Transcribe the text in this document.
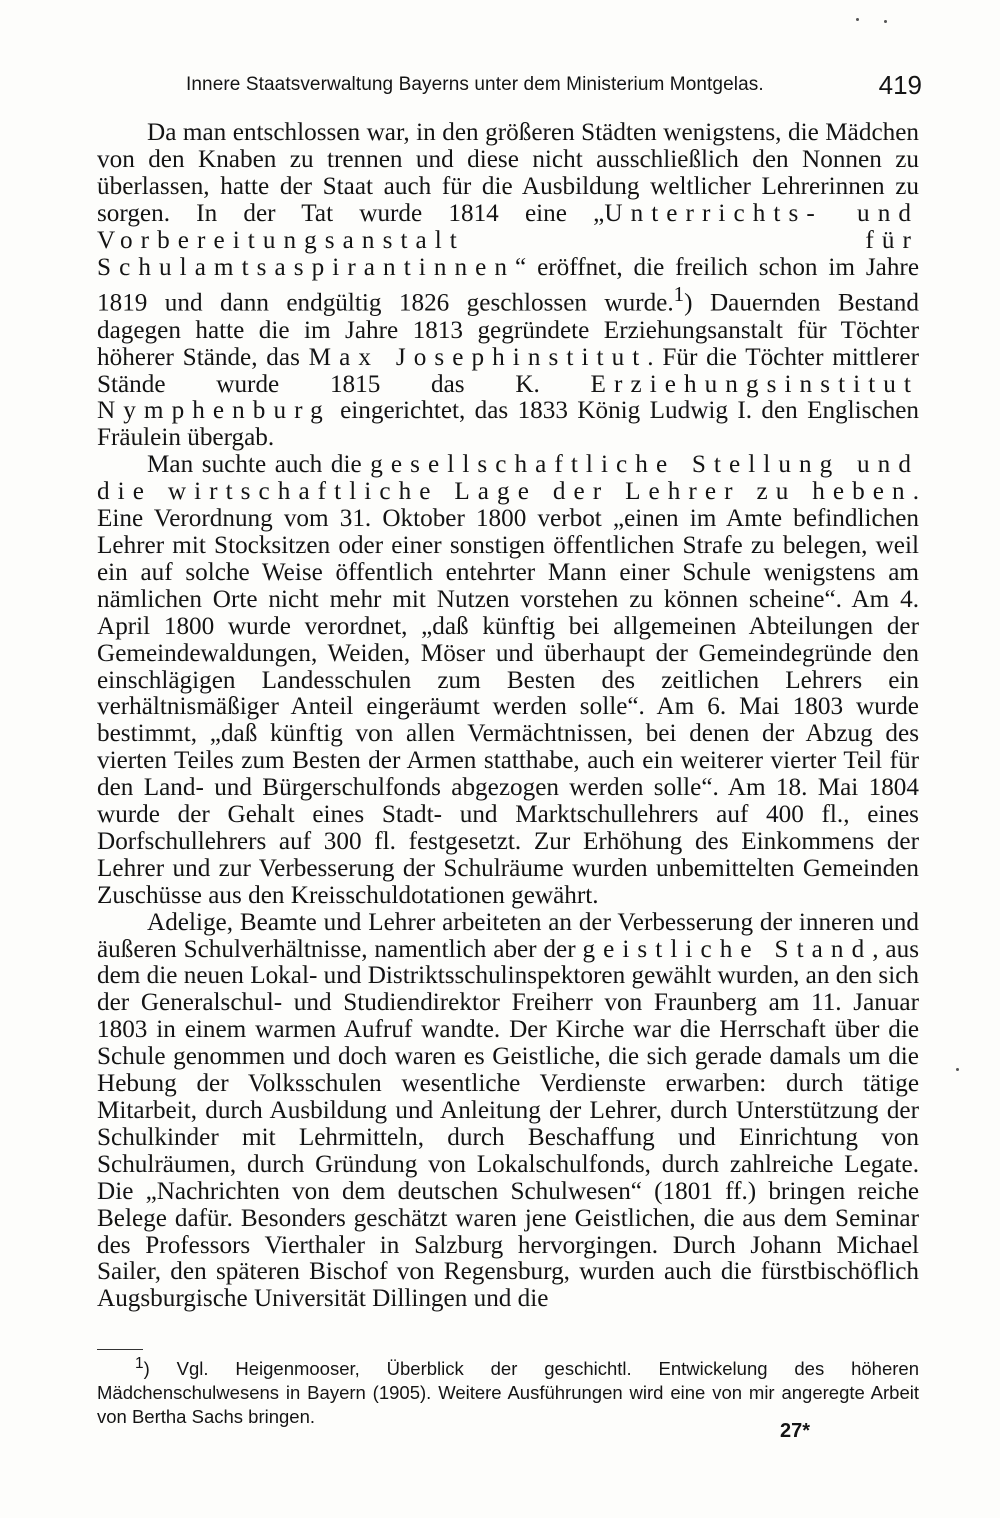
Innere Staatsverwaltung Bayerns unter dem Ministerium Montgelas.	419

Da man entschlossen war, in den größeren Städten wenigstens, die Mädchen von den Knaben zu trennen und diese nicht ausschließlich den Nonnen zu überlassen, hatte der Staat auch für die Ausbildung weltlicher Lehrerinnen zu sorgen. In der Tat wurde 1814 eine „Unterrichts- und Vorbereitungsanstalt für Schulamtsaspirantinnen“ eröffnet, die freilich schon im Jahre 1819 und dann endgültig 1826 geschlossen wurde.$^1$) Dauernden Bestand dagegen hatte die im Jahre 1813 gegründete Erziehungsanstalt für Töchter höherer Stände, das Max Josephinstitut. Für die Töchter mittlerer Stände wurde 1815 das K. Erziehungsinstitut Nymphenburg eingerichtet, das 1833 König Ludwig I. den Englischen Fräulein übergab.

Man suchte auch die gesellschaftliche Stellung und die wirtschaftliche Lage der Lehrer zu heben. Eine Verordnung vom 31. Oktober 1800 verbot „einen im Amte befindlichen Lehrer mit Stocksitzen oder einer sonstigen öffentlichen Strafe zu belegen, weil ein auf solche Weise öffentlich entehrter Mann einer Schule wenigstens am nämlichen Orte nicht mehr mit Nutzen vorstehen zu können scheine“. Am 4. April 1800 wurde verordnet, „daß künftig bei allgemeinen Abteilungen der Gemeindewaldungen, Weiden, Möser und überhaupt der Gemeindegründe den einschlägigen Landesschulen zum Besten des zeitlichen Lehrers ein verhältnismäßiger Anteil eingeräumt werden solle“. Am 6. Mai 1803 wurde bestimmt, „daß künftig von allen Vermächtnissen, bei denen der Abzug des vierten Teiles zum Besten der Armen statthabe, auch ein weiterer vierter Teil für den Land- und Bürgerschulfonds abgezogen werden solle“. Am 18. Mai 1804 wurde der Gehalt eines Stadt- und Marktschullehrers auf 400 fl., eines Dorfschullehrers auf 300 fl. festgesetzt. Zur Erhöhung des Einkommens der Lehrer und zur Verbesserung der Schulräume wurden unbemittelten Gemeinden Zuschüsse aus den Kreisschuldotationen gewährt.

Adelige, Beamte und Lehrer arbeiteten an der Verbesserung der inneren und äußeren Schulverhältnisse, namentlich aber der geistliche Stand, aus dem die neuen Lokal- und Distriktsschulinspektoren gewählt wurden, an den sich der Generalschul- und Studiendirektor Freiherr von Fraunberg am 11. Januar 1803 in einem warmen Aufruf wandte. Der Kirche war die Herrschaft über die Schule genommen und doch waren es Geistliche, die sich gerade damals um die Hebung der Volksschulen wesentliche Verdienste erwarben: durch tätige Mitarbeit, durch Ausbildung und Anleitung der Lehrer, durch Unterstützung der Schulkinder mit Lehrmitteln, durch Beschaffung und Einrichtung von Schulräumen, durch Gründung von Lokalschulfonds, durch zahlreiche Legate. Die „Nachrichten von dem deutschen Schulwesen“ (1801 ff.) bringen reiche Belege dafür. Besonders geschätzt waren jene Geistlichen, die aus dem Seminar des Professors Vierthaler in Salzburg hervorgingen. Durch Johann Michael Sailer, den späteren Bischof von Regensburg, wurden auch die fürstbischöflich Augsburgische Universität Dillingen und die

$^1$) Vgl. Heigenmooser, Überblick der geschichtl. Entwickelung des höheren Mädchenschulwesens in Bayern (1905). Weitere Ausführungen wird eine von mir angeregte Arbeit von Bertha Sachs bringen.
27*
